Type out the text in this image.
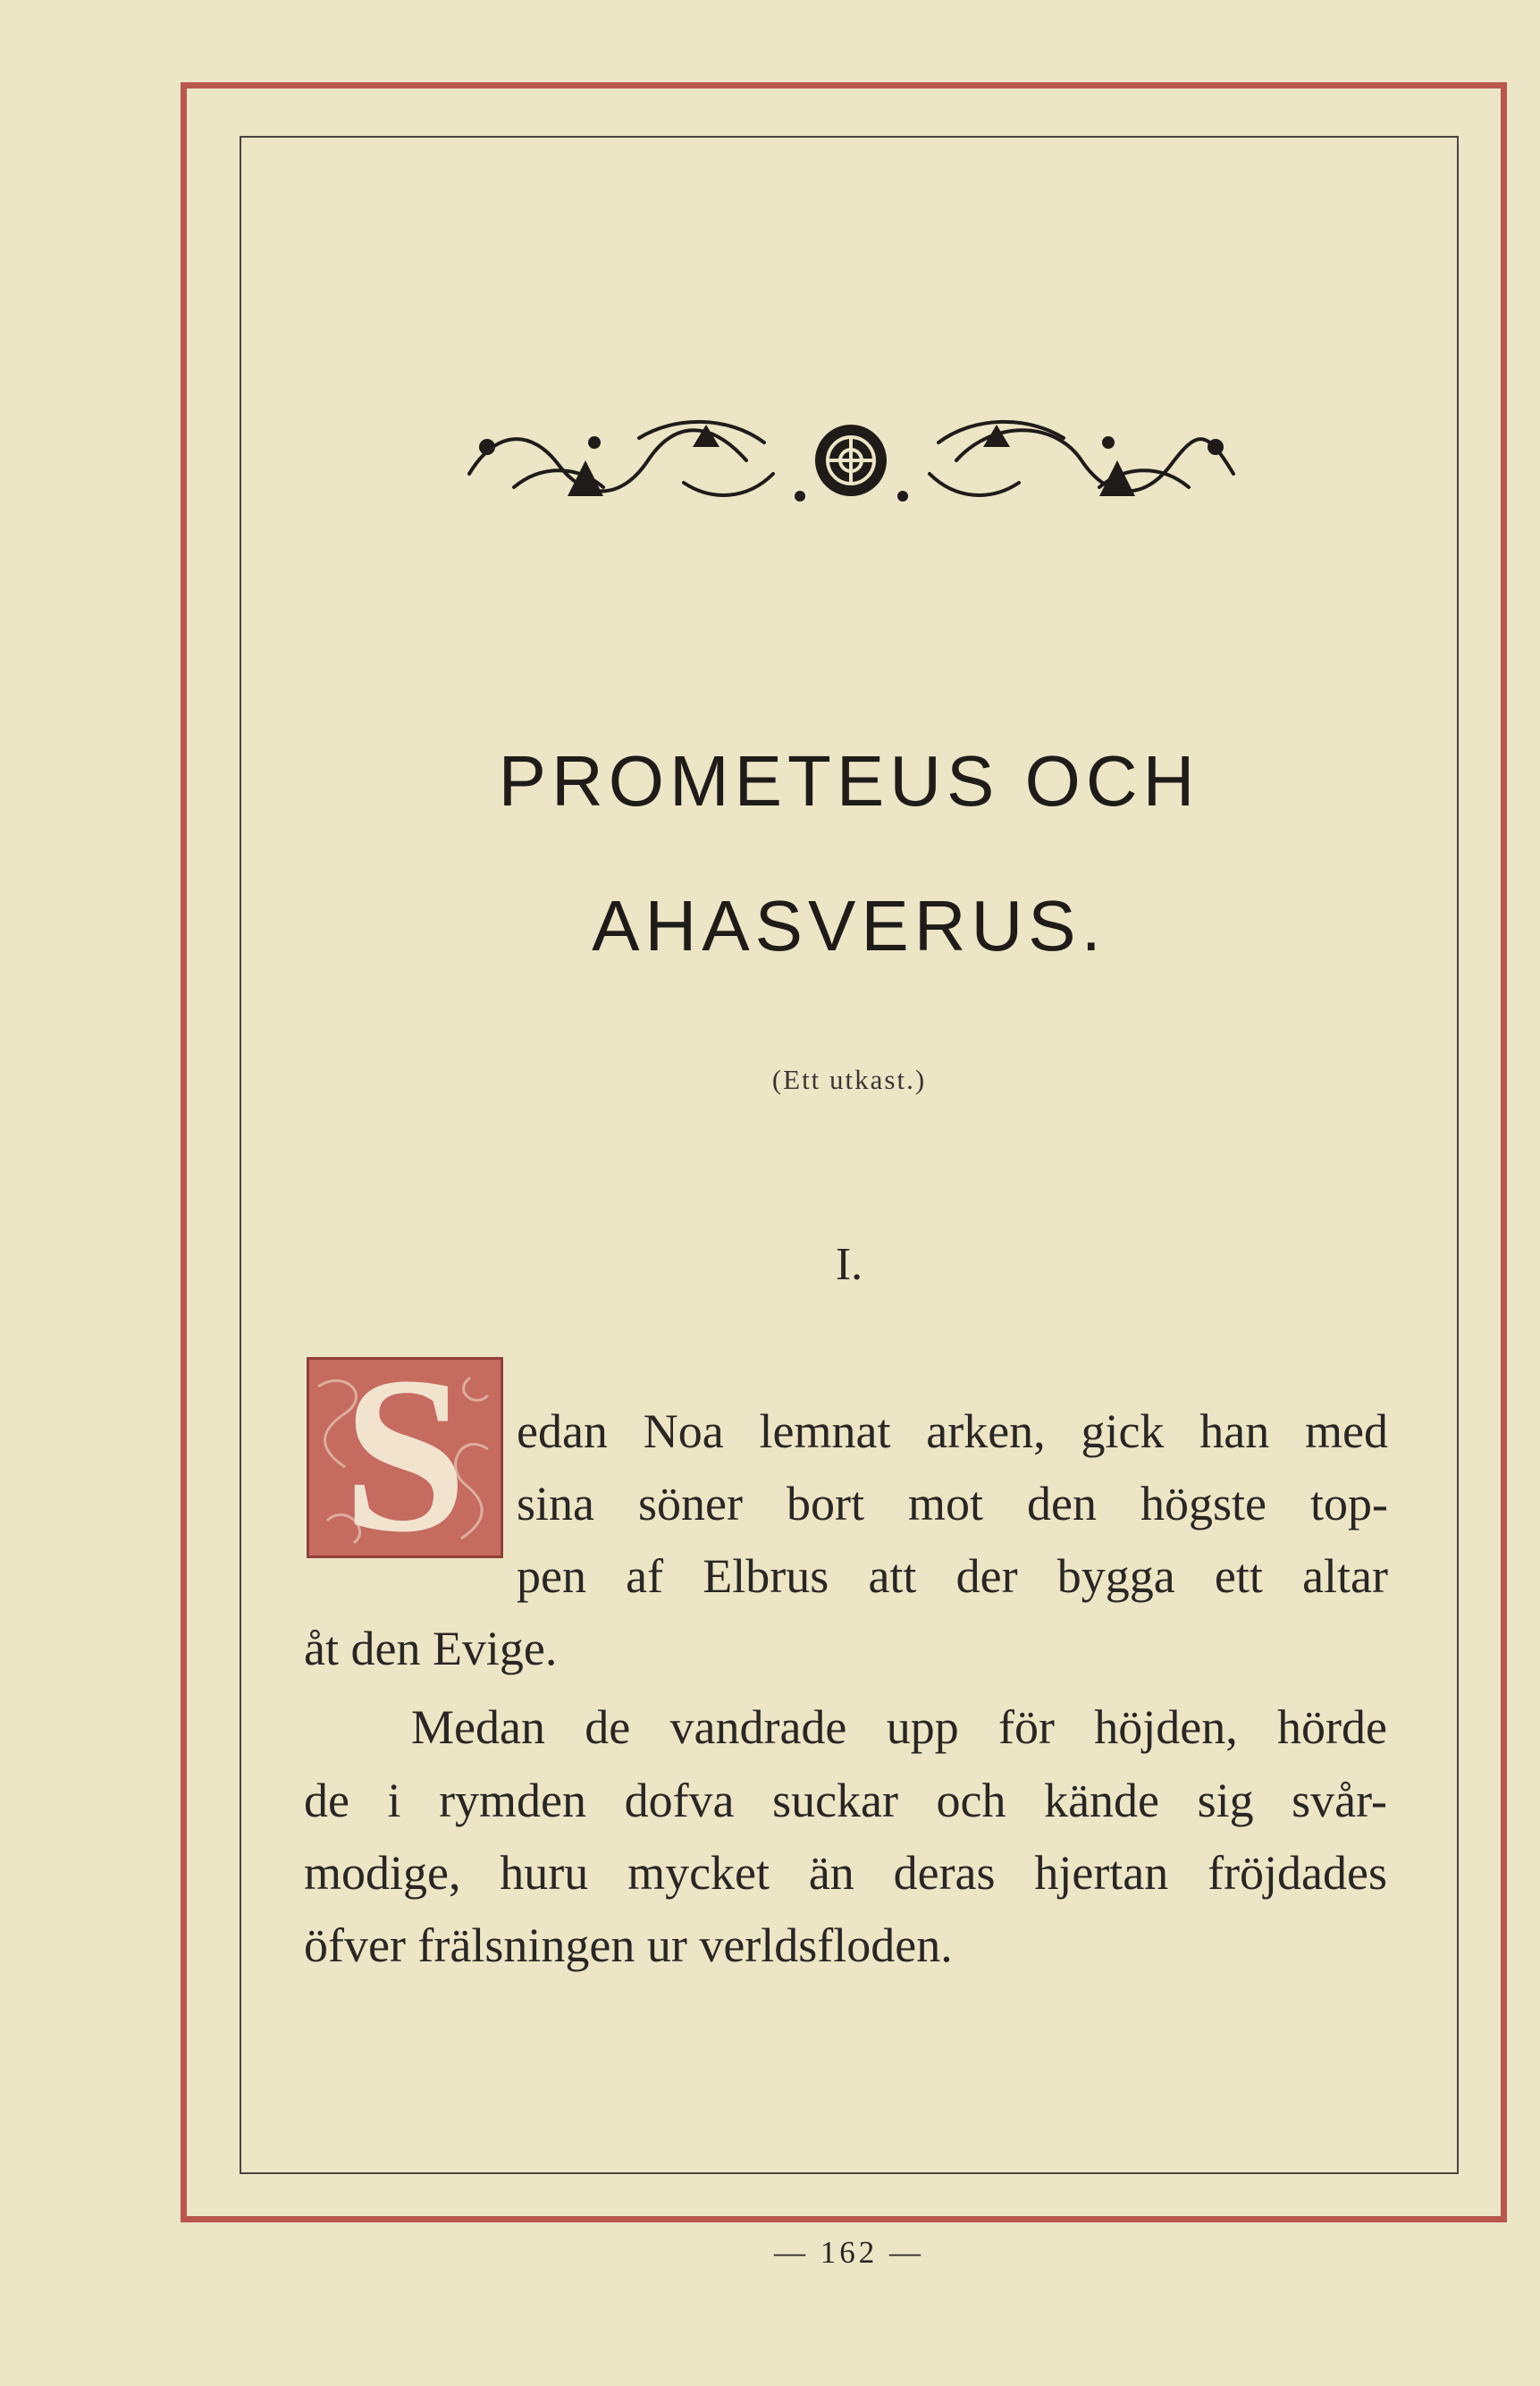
PROMETEUS OCH
AHASVERUS.
(Ett utkast.)
I.
S	edan Noa lemnat arken, gick han med
sina söner bort mot den högste top-
pen af Elbrus att der bygga ett altar
åt den Evige.
Medan de vandrade upp för höjden, hörde
de i rymden dofva suckar och kände sig svår-
modige, huru mycket än deras hjertan fröjdades
öfver frälsningen ur verldsfloden.
— 162 —
